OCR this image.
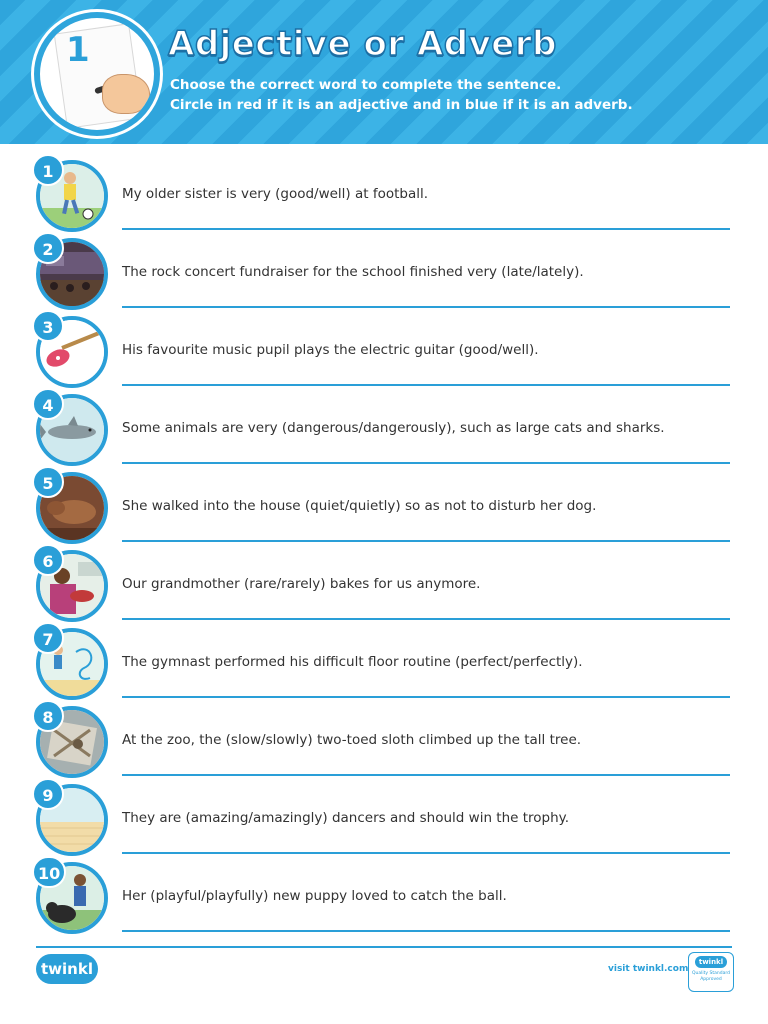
1 Adjective or Adverb
Choose the correct word to complete the sentence.
Circle in red if it is an adjective and in blue if it is an adverb.
1
My older sister is very (good/well) at football.
2
The rock concert fundraiser for the school finished very (late/lately).
3
His favourite music pupil plays the electric guitar (good/well).
4
Some animals are very (dangerous/dangerously), such as large cats and sharks.
5
She walked into the house (quiet/quietly) so as not to disturb her dog.
6
Our grandmother (rare/rarely) bakes for us anymore.
7
The gymnast performed his difficult floor routine (perfect/perfectly).
8
At the zoo, the (slow/slowly) two-toed sloth climbed up the tall tree.
9
They are (amazing/amazingly) dancers and should win the trophy.
10
Her (playful/playfully) new puppy loved to catch the ball.
twinkl	visit twinkl.com
twinkl
Quality Standard Approved
